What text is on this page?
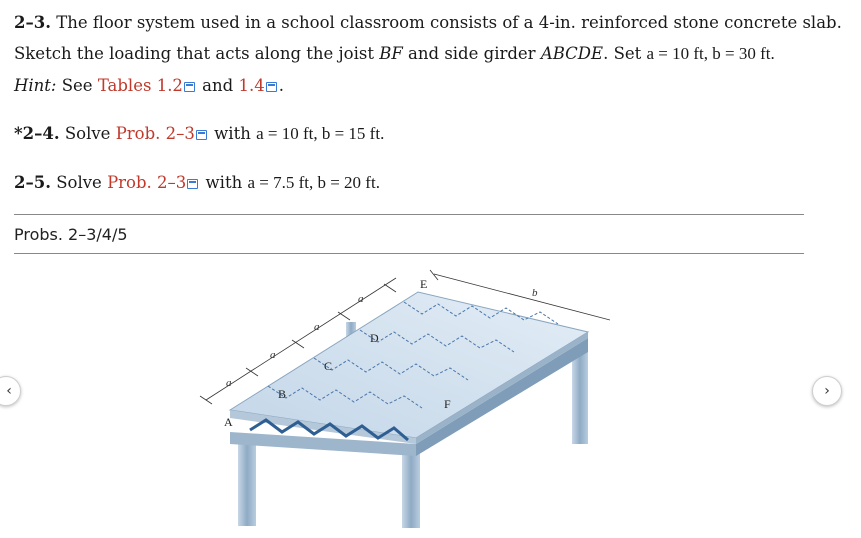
2–3. The floor system used in a school classroom consists of a 4-in. reinforced stone concrete slab.
Sketch the loading that acts along the joist BF and side girder ABCDE. Set a = 10 ft, b = 30 ft.
Hint: See Tables 1.2 and 1.4 .
*2–4. Solve Prob. 2–3 with a = 10 ft, b = 15 ft.
2–5. Solve Prob. 2–3 with a = 7.5 ft, b = 20 ft.
Probs. 2–3/4/5
A
B
C
D
E
F
a
a
a
a	b
‹	›
